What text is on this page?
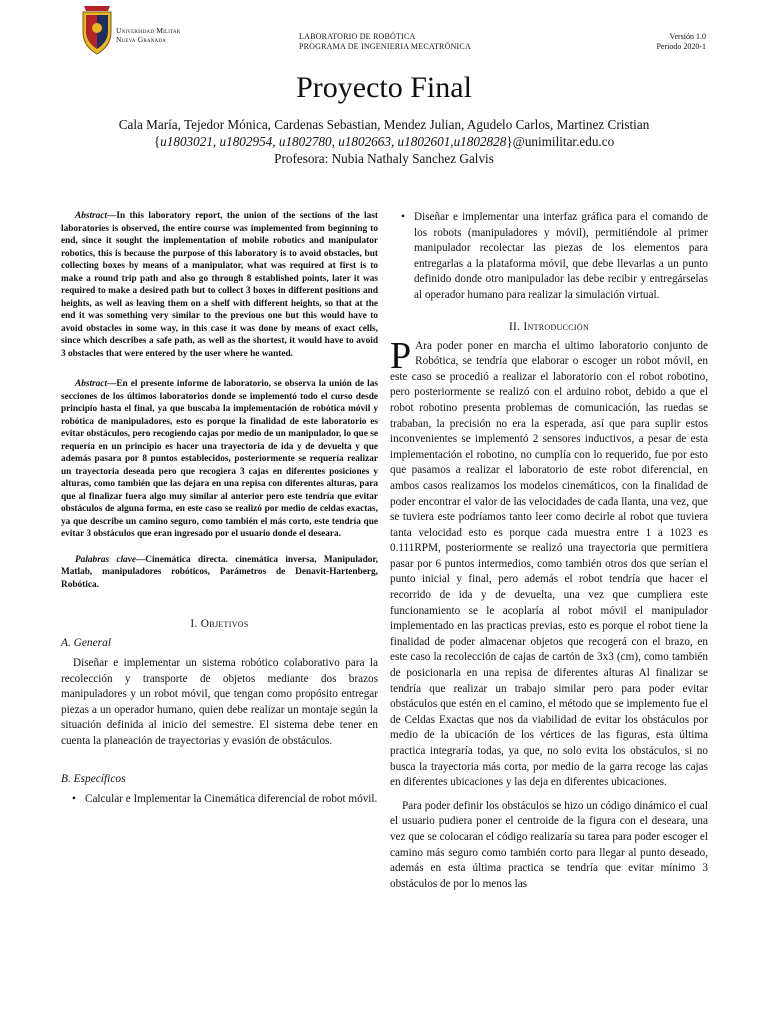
Universidad Militar
Nueva Granada	LABORATORIO DE ROBÓTICA
PROGRAMA DE INGENIERIA MECATRÓNICA
Versión 1.0
Periodo 2020-1
Proyecto Final
Cala María, Tejedor Mónica, Cardenas Sebastian, Mendez Julian, Agudelo Carlos, Martinez Cristian
{u1803021, u1802954, u1802780, u1802663, u1802601,u1802828}@unimilitar.edu.co
Profesora: Nubia Nathaly Sanchez Galvis

Abstract—In this laboratory report, the union of the sections of the last laboratories is observed, the entire course was implemented from beginning to end, since it sought the implementation of mobile robotics and manipulator robotics, this is because the purpose of this laboratory is to avoid obstacles, but collecting boxes by means of a manipulator, what was required at first is to make a round trip path and also go through 8 established points, later it was required to make a desired path but to collect 3 boxes in different positions and heights, as well as leaving them on a shelf with different heights, so that at the end it was something very similar to the previous one but this would have to avoid obstacles in some way, in this case it was done by means of exact cells, since which describes a safe path, as well as the shortest, it would have to avoid 3 obstacles that were entered by the user where he wanted.

Abstract—En el presente informe de laboratorio, se observa la unión de las secciones de los últimos laboratorios donde se implementó todo el curso desde principio hasta el final, ya que buscaba la implementación de robótica móvil y robótica de manipuladores, esto es porque la finalidad de este laboratorio es evitar obstáculos, pero recogiendo cajas por medio de un manipulador, lo que se requería en un principio es hacer una trayectoria de ida y de devuelta y que además pasara por 8 puntos establecidos, posteriormente se requería realizar un trayectoria deseada pero que recogiera 3 cajas en diferentes posiciones y alturas, como también que las dejara en una repisa con diferentes alturas, para que al finalizar fuera algo muy similar al anterior pero este tendría que evitar obstáculos de alguna forma, en este caso se realizó por medio de celdas exactas, ya que describe un camino seguro, como también el más corto, este tendría que evitar 3 obstáculos que eran ingresado por el usuario donde el deseara.

Palabras clave—Cinemática directa. cinemática inversa, Manipulador, Matlab, manipuladores robóticos, Parámetros de Denavit-Hartenberg, Robótica.

I. Objetivos
A. General

Diseñar e implementar un sistema robótico colaborativo para la recolección y transporte de objetos mediante dos brazos manipuladores y un robot móvil, que tengan como propósito entregar piezas a un operador humano, quien debe realizar un montaje según la situación definida al inicio del semestre. El sistema debe tener en cuenta la planeación de trayectorias y evasión de obstáculos.

B. Específicos
• Calcular e Implementar la Cinemática diferencial de robot móvil.
• Diseñar e implementar una interfaz gráfica para el comando de los robots (manipuladores y móvil), permitiéndole al primer manipulador recolectar las piezas de los elementos para entregarlas a la plataforma móvil, que debe llevarlas a un punto definido donde otro manipulador las debe recibir y entregárselas al operador humano para realizar la simulación virtual.
II. Introducción

P Ara poder poner en marcha el ultimo laboratorio conjunto de Robótica, se tendría que elaborar o escoger un robot móvil, en este caso se procedió a realizar el laboratorio con el robot robotino, pero posteriormente se realizó con el arduino robot, debido a que el robot robotino presenta problemas de comunicación, las ruedas se trababan, la precisión no era la esperada, así que para suplir estos inconvenientes se implementó 2 sensores inductivos, a pesar de esta implementación el robotino, no cumplía con lo requerido, fue por esto que pasamos a realizar el laboratorio de este robot diferencial, en ambos casos realizamos los modelos cinemáticos, con la finalidad de poder encontrar el valor de las velocidades de cada llanta, una vez, que se tuviera este podríamos tanto leer como decirle al robot que tuviera tanta velocidad esto es porque cada muestra entre 1 a 1023 es 0.111RPM, posteriormente se realizó una trayectoria que permitiera pasar por 6 puntos intermedios, como también otros dos que serían el punto inicial y final, pero además el robot tendría que hacer el recorrido de ida y de devuelta, una vez que cumpliera este funcionamiento se le acoplaría al robot móvil el manipulador implementado en las practicas previas, esto es porque el robot tiene la finalidad de poder almacenar objetos que recogerá con el brazo, en este caso la recolección de cajas de cartón de 3x3 (cm), como también de posicionarla en una repisa de diferentes alturas Al finalizar se tendría que realizar un trabajo similar pero para poder evitar obstáculos que estén en el camino, el método que se implemento fue el de Celdas Exactas que nos da viabilidad de evitar los obstáculos por medio de la ubicación de los vértices de las figuras, esta última practica integraría todas, ya que, no solo evita los obstáculos, si no busca la trayectoria más corta, por medio de la garra recoge las cajas en diferentes ubicaciones y las deja en diferentes ubicaciones.

Para poder definir los obstáculos se hizo un código dinámico el cual el usuario pudiera poner el centroide de la figura con el deseara, una vez que se colocaran el código realizaría su tarea para poder escoger el camino más seguro como también corto para llegar al punto deseado, además en esta última practica se tendría que evitar mínimo 3 obstáculos de por lo menos las
